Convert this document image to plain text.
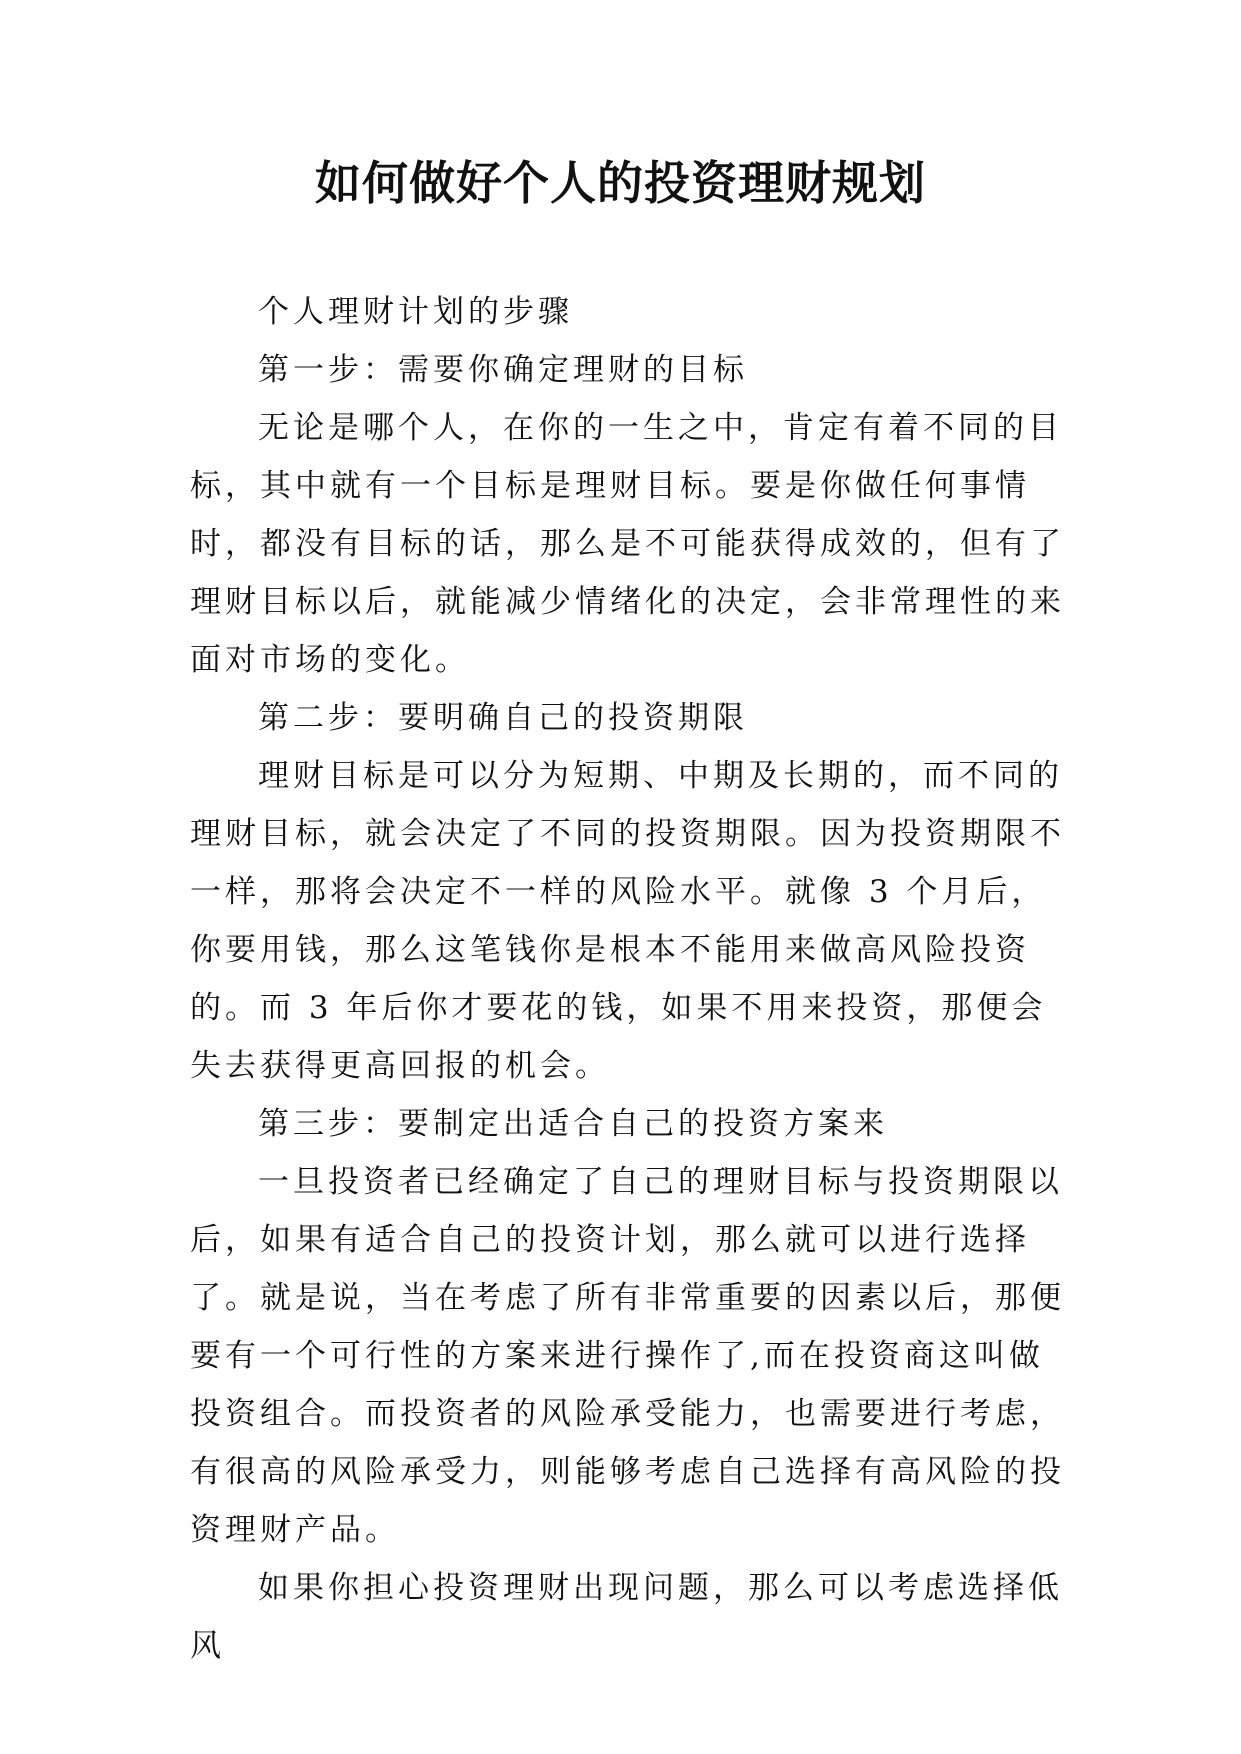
如何做好个人的投资理财规划

个人理财计划的步骤

第一步：需要你确定理财的目标

无论是哪个人，在你的一生之中，肯定有着不同的目标，其中就有一个目标是理财目标。要是你做任何事情时，都没有目标的话，那么是不可能获得成效的，但有了理财目标以后，就能减少情绪化的决定，会非常理性的来面对市场的变化。

第二步：要明确自己的投资期限

理财目标是可以分为短期、中期及长期的，而不同的理财目标，就会决定了不同的投资期限。因为投资期限不一样，那将会决定不一样的风险水平。就像 3 个月后，你要用钱，那么这笔钱你是根本不能用来做高风险投资的。而 3 年后你才要花的钱，如果不用来投资，那便会失去获得更高回报的机会。

第三步：要制定出适合自己的投资方案来

一旦投资者已经确定了自己的理财目标与投资期限以后，如果有适合自己的投资计划，那么就可以进行选择了。就是说，当在考虑了所有非常重要的因素以后，那便要有一个可行性的方案来进行操作了,而在投资商这叫做投资组合。而投资者的风险承受能力，也需要进行考虑，有很高的风险承受力，则能够考虑自己选择有高风险的投资理财产品。

如果你担心投资理财出现问题，那么可以考虑选择低风
